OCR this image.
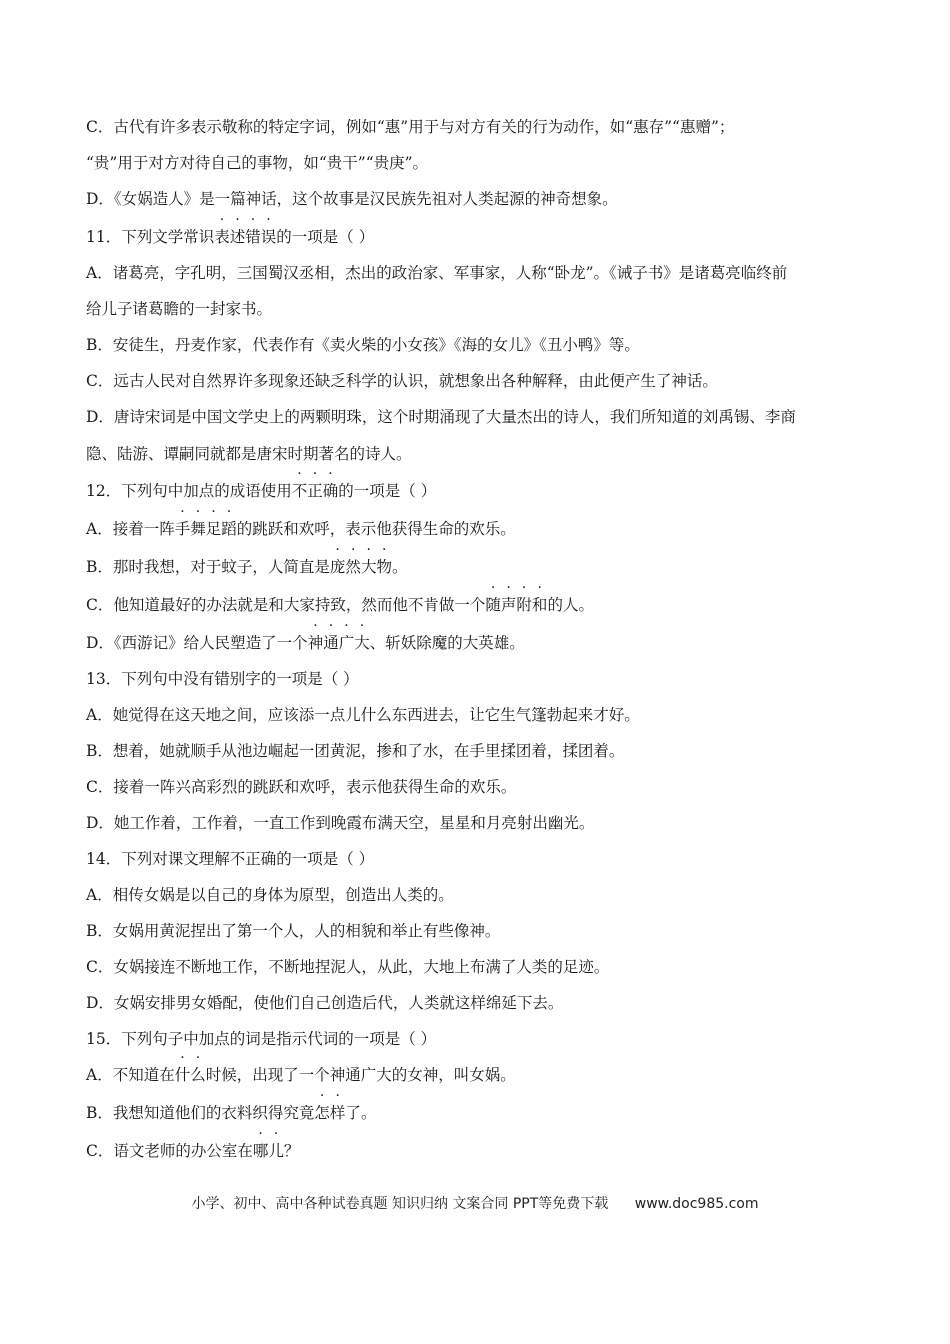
C．古代有许多表示敬称的特定字词，例如“惠”用于与对方有关的行为动作，如“惠存”“惠赠”；
“贵”用于对方对待自己的事物，如“贵干”“贵庚”。
D．《女娲造人》是一篇神话，这个故事是汉民族先祖对人类起源的神奇想象。
11．下列文学常识表述错误的一项是（ ）
A．诸葛亮，字孔明，三国蜀汉丞相，杰出的政治家、军事家，人称“卧龙”。《诫子书》是诸葛亮临终前
给儿子诸葛瞻的一封家书。
B．安徒生，丹麦作家，代表作有《卖火柴的小女孩》《海的女儿》《丑小鸭》等。
C．远古人民对自然界许多现象还缺乏科学的认识，就想象出各种解释，由此便产生了神话。
D．唐诗宋词是中国文学史上的两颗明珠，这个时期涌现了大量杰出的诗人，我们所知道的刘禹锡、李商
隐、陆游、谭嗣同就都是唐宋时期著名的诗人。
12．下列句中加点的成语使用不正确的一项是（ ）
A．接着一阵手舞足蹈的跳跃和欢呼，表示他获得生命的欢乐。
B．那时我想，对于蚊子，人简直是庞然大物。
C．他知道最好的办法就是和大家持致，然而他不肯做一个随声附和的人。
D．《西游记》给人民塑造了一个神通广大、斩妖除魔的大英雄。
13．下列句中没有错别字的一项是（ ）
A．她觉得在这天地之间，应该添一点儿什么东西进去，让它生气篷勃起来才好。
B．想着，她就顺手从池边崛起一团黄泥，掺和了水，在手里揉团着，揉团着。
C．接着一阵兴高彩烈的跳跃和欢呼，表示他获得生命的欢乐。
D．她工作着，工作着，一直工作到晚霞布满天空，星星和月亮射出幽光。
14．下列对课文理解不正确的一项是（ ）
A．相传女娲是以自己的身体为原型，创造出人类的。
B．女娲用黄泥捏出了第一个人，人的相貌和举止有些像神。
C．女娲接连不断地工作，不断地捏泥人，从此，大地上布满了人类的足迹。
D．女娲安排男女婚配，使他们自己创造后代，人类就这样绵延下去。
15．下列句子中加点的词是指示代词的一项是（ ）
A．不知道在什么时候，出现了一个神通广大的女神，叫女娲。
B．我想知道他们的衣料织得究竟怎样了。
C．语文老师的办公室在哪儿？
小学、初中、高中各种试卷真题 知识归纳 文案合同 PPT等免费下载 www.doc985.com
